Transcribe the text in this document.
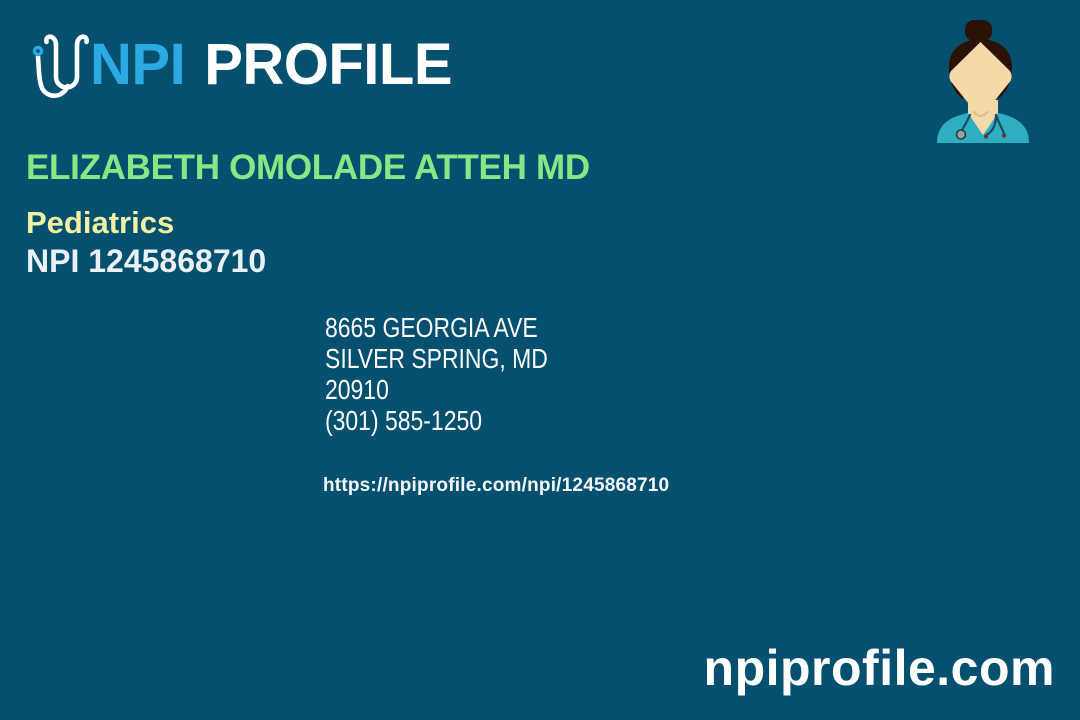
NPI PROFILE
ELIZABETH OMOLADE ATTEH MD
Pediatrics
NPI 1245868710
8665 GEORGIA AVE
SILVER SPRING, MD
20910
(301) 585-1250
https://npiprofile.com/npi/1245868710
npiprofile.com
